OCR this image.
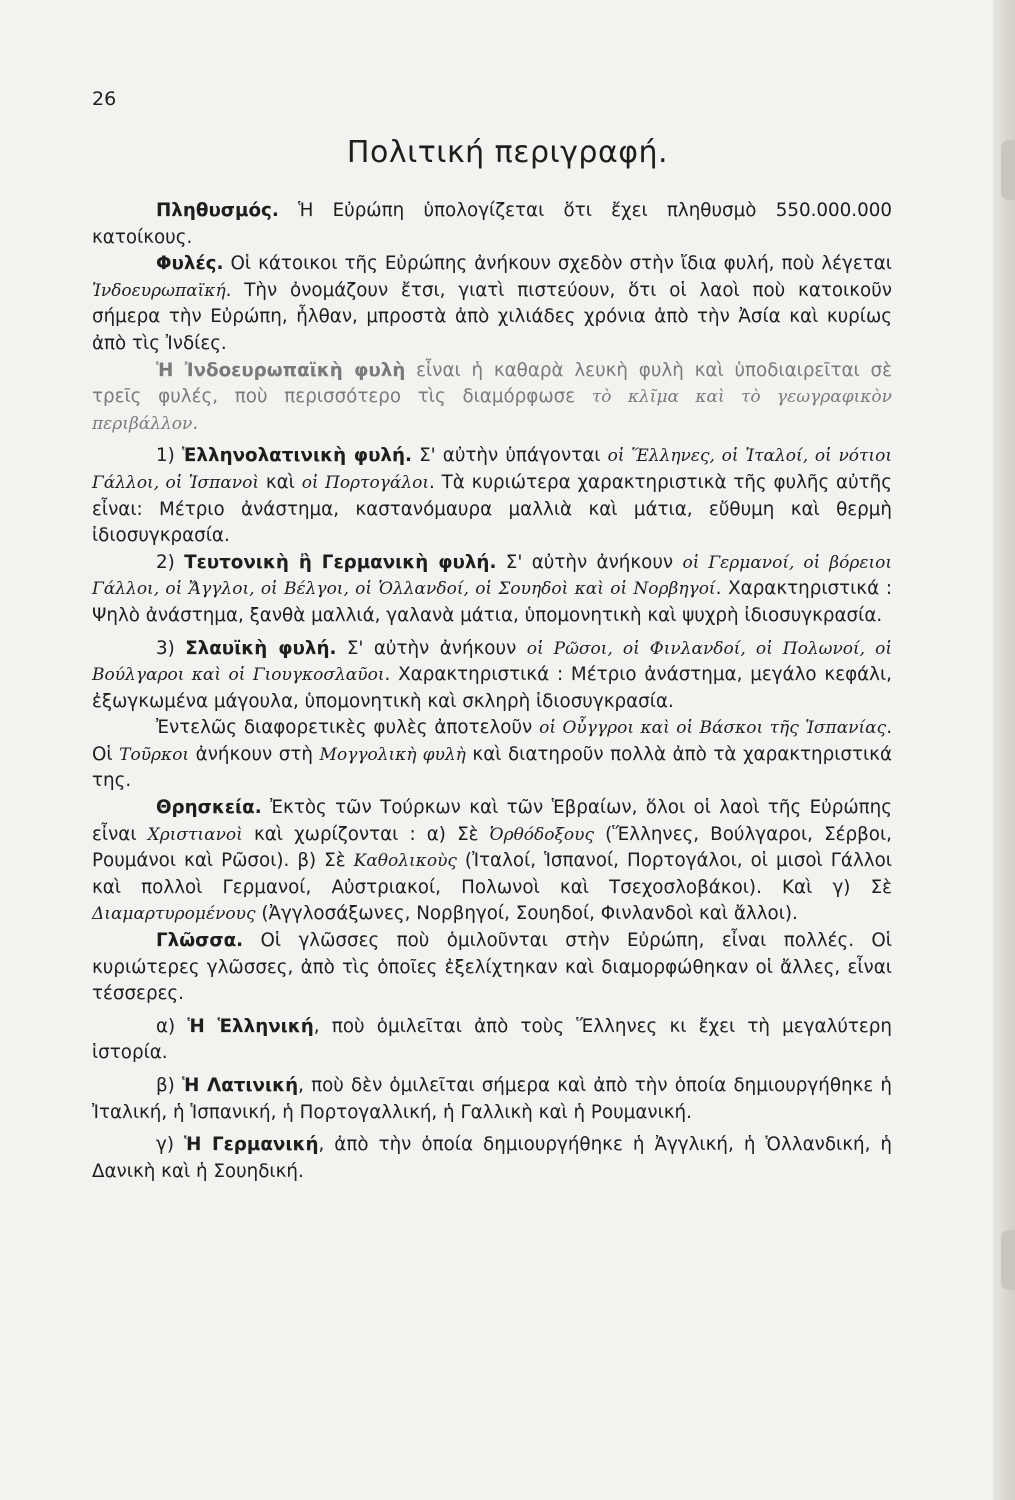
26
Πολιτική περιγραφή.

Πληθυσμός. Ἡ Εὐρώπη ὑπολογίζεται ὅτι ἔχει πληθυσμὸ 550.000.000 κατοίκους.

Φυλές. Οἱ κάτοικοι τῆς Εὐρώπης ἀνήκουν σχεδὸν στὴν ἴδια φυλή, ποὺ λέγεται Ἰνδοευρωπαϊκή. Τὴν ὀνομάζουν ἔτσι, γιατὶ πιστεύουν, ὅτι οἱ λαοὶ ποὺ κατοικοῦν σήμερα τὴν Εὐρώπη, ἦλθαν, μπροστὰ ἀπὸ χιλιάδες χρόνια ἀπὸ τὴν Ἀσία καὶ κυρίως ἀπὸ τὶς Ἰνδίες.

Ἡ Ἰνδοευρωπαϊκὴ φυλὴ εἶναι ἡ καθαρὰ λευκὴ φυλὴ καὶ ὑποδιαιρεῖται σὲ τρεῖς φυλές, ποὺ περισσότερο τὶς διαμόρφωσε τὸ κλῖμα καὶ τὸ γεωγραφικὸν περιβάλλον.

1) Ἑλληνολατινικὴ φυλή. Σ' αὐτὴν ὑπάγονται οἱ Ἕλληνες, οἱ Ἰταλοί, οἱ νότιοι Γάλλοι, οἱ Ἱσπανοὶ καὶ οἱ Πορτογάλοι. Τὰ κυριώτερα χαρακτηριστικὰ τῆς φυλῆς αὐτῆς εἶναι: Μέτριο ἀνάστημα, καστανόμαυρα μαλλιὰ καὶ μάτια, εὔθυμη καὶ θερμὴ ἰδιοσυγκρασία.

2) Τευτονικὴ ἢ Γερμανικὴ φυλή. Σ' αὐτὴν ἀνήκουν οἱ Γερμανοί, οἱ βόρειοι Γάλλοι, οἱ Ἄγγλοι, οἱ Βέλγοι, οἱ Ὁλλανδοί, οἱ Σουηδοὶ καὶ οἱ Νορβηγοί. Χαρακτηριστικά : Ψηλὸ ἀνάστημα, ξανθὰ μαλλιά, γαλανὰ μάτια, ὑπομονητικὴ καὶ ψυχρὴ ἰδιοσυγκρασία.

3) Σλαυϊκὴ φυλή. Σ' αὐτὴν ἀνήκουν οἱ Ρῶσοι, οἱ Φινλανδοί, οἱ Πολωνοί, οἱ Βούλγαροι καὶ οἱ Γιουγκοσλαῦοι. Χαρακτηριστικά : Μέτριο ἀνάστημα, μεγάλο κεφάλι, ἐξωγκωμένα μάγουλα, ὑπομονητικὴ καὶ σκληρὴ ἰδιοσυγκρασία.

Ἐντελῶς διαφορετικὲς φυλὲς ἀποτελοῦν οἱ Οὖγγροι καὶ οἱ Βάσκοι τῆς Ἱσπανίας. Οἱ Τοῦρκοι ἀνήκουν στὴ Μογγολικὴ φυλὴ καὶ διατηροῦν πολλὰ ἀπὸ τὰ χαρακτηριστικά της.

Θρησκεία. Ἐκτὸς τῶν Τούρκων καὶ τῶν Ἑβραίων, ὅλοι οἱ λαοὶ τῆς Εὐρώπης εἶναι Χριστιανοὶ καὶ χωρίζονται : α) Σὲ Ὀρθόδοξους (Ἕλληνες, Βούλγαροι, Σέρβοι, Ρουμάνοι καὶ Ρῶσοι). β) Σὲ Καθολικοὺς (Ἰταλοί, Ἱσπανοί, Πορτογάλοι, οἱ μισοὶ Γάλλοι καὶ πολλοὶ Γερμανοί, Αὐστριακοί, Πολωνοὶ καὶ Τσεχοσλοβάκοι). Καὶ γ) Σὲ Διαμαρτυρομένους (Ἀγγλοσάξωνες, Νορβηγοί, Σουηδοί, Φινλανδοὶ καὶ ἄλλοι).

Γλῶσσα. Οἱ γλῶσσες ποὺ ὁμιλοῦνται στὴν Εὐρώπη, εἶναι πολλές. Οἱ κυριώτερες γλῶσσες, ἀπὸ τὶς ὁποῖες ἐξελίχτηκαν καὶ διαμορφώθηκαν οἱ ἄλλες, εἶναι τέσσερες.

α) Ἡ Ἑλληνική, ποὺ ὁμιλεῖται ἀπὸ τοὺς Ἕλληνες κι ἔχει τὴ μεγαλύτερη ἱστορία.

β) Ἡ Λατινική, ποὺ δὲν ὁμιλεῖται σήμερα καὶ ἀπὸ τὴν ὁποία δημιουργήθηκε ἡ Ἰταλική, ἡ Ἱσπανική, ἡ Πορτογαλλική, ἡ Γαλλικὴ καὶ ἡ Ρουμανική.

γ) Ἡ Γερμανική, ἀπὸ τὴν ὁποία δημιουργήθηκε ἡ Ἀγγλική, ἡ Ὁλλανδική, ἡ Δανικὴ καὶ ἡ Σουηδική.
